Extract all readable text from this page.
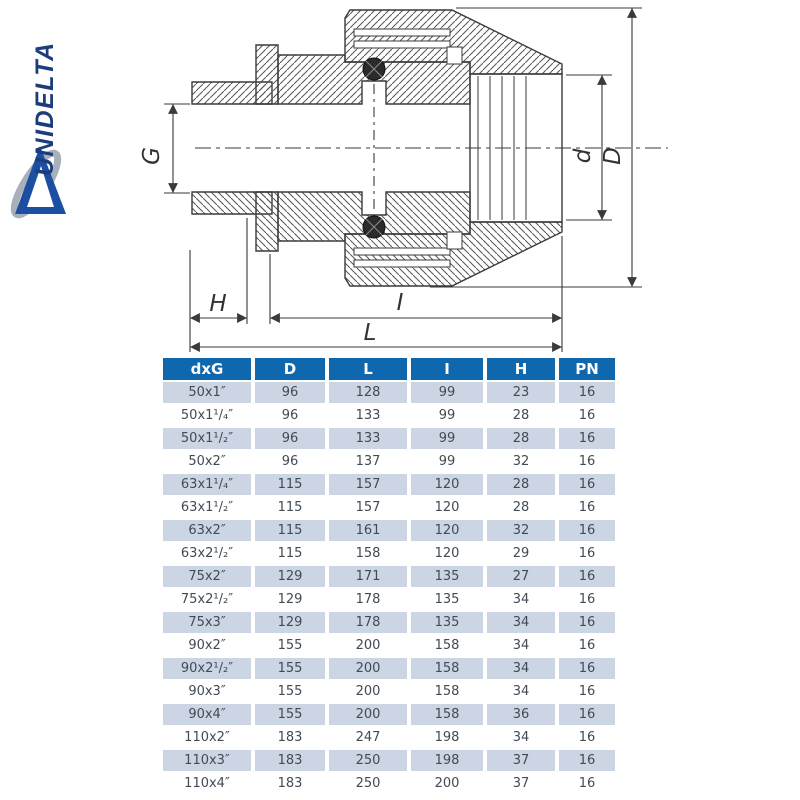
UNIDELTA	G	d D
H	I
L
dxG	D	L	I	H	PN
50x1″	96	128	99	23	16
50x1¹/₄″	96	133	99	28	16
50x1¹/₂″	96	133	99	28	16
50x2″	96	137	99	32	16
63x1¹/₄″	115	157	120	28	16
63x1¹/₂″	115	157	120	28	16
63x2″	115	161	120	32	16
63x2¹/₂″	115	158	120	29	16
75x2″	129	171	135	27	16
75x2¹/₂″	129	178	135	34	16
75x3″	129	178	135	34	16
90x2″	155	200	158	34	16
90x2¹/₂″	155	200	158	34	16
90x3″	155	200	158	34	16
90x4″	155	200	158	36	16
110x2″	183	247	198	34	16
110x3″	183	250	198	37	16
110x4″	183	250	200	37	16
